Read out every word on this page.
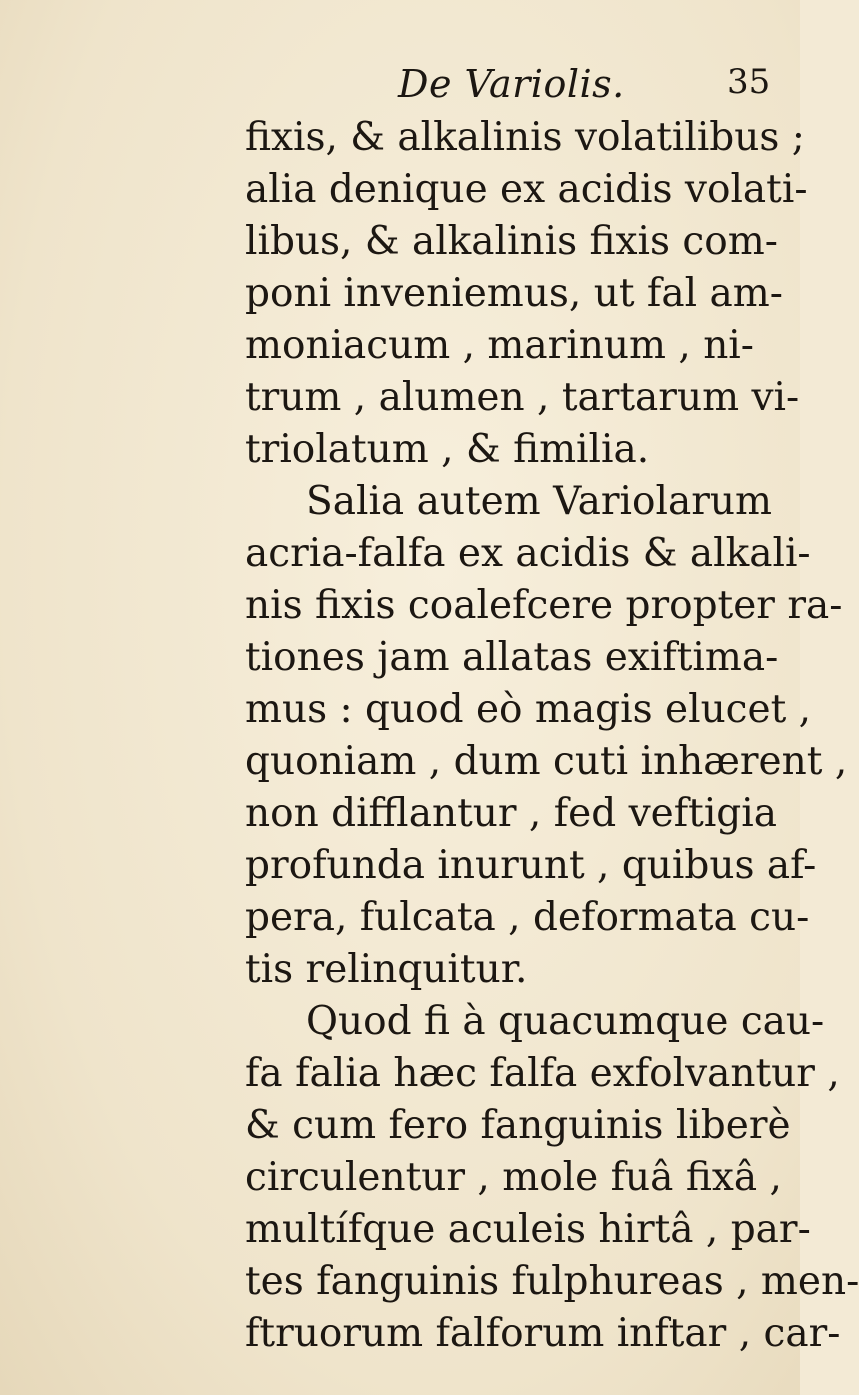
De Variolis.	35
fixis, & alkalinis volatilibus ;
alia denique ex acidis volati-
libus, & alkalinis fixis com-
poni inveniemus, ut fal am-
moniacum , marinum , ni-
trum , alumen , tartarum vi-
triolatum , & fimilia.
Salia autem Variolarum
acria-falfa ex acidis & alkali-
nis fixis coalefcere propter ra-
tiones jam allatas exiftima-
mus : quod eò magis elucet ,
quoniam , dum cuti inhærent ,
non difflantur , fed veftigia
profunda inurunt , quibus af-
pera, fulcata , deformata cu-
tis relinquitur.
Quod fi à quacumque cau-
fa falia hæc falfa exfolvantur ,
& cum fero fanguinis liberè
circulentur , mole fuâ fixâ ,
multífque aculeis hirtâ , par-
tes fanguinis fulphureas , men-
ftruorum falforum inftar , car-
